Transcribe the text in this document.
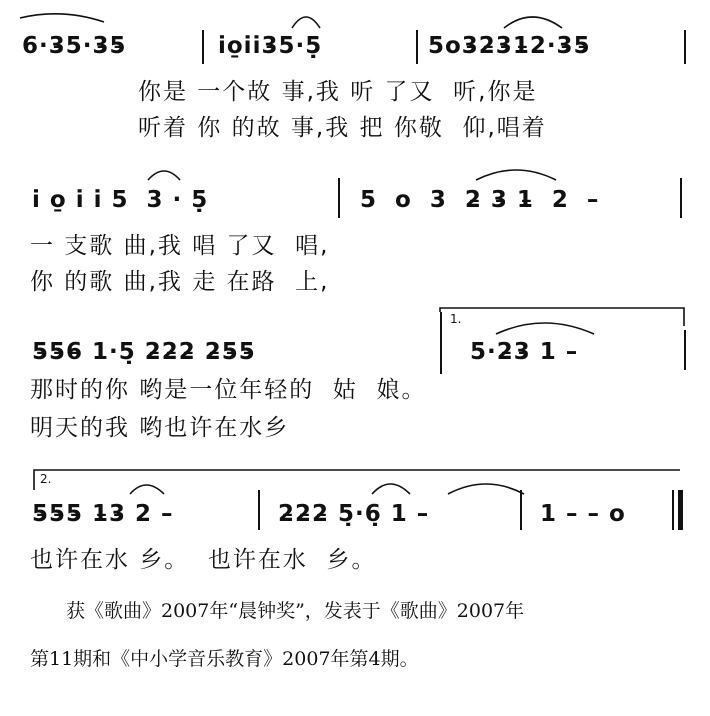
6·3̵5·3̵5̵	i̇o̱i̇i̇3̵5·5̣	5o3̵2̵3̵1̵2·3̵5̵
你是 一个故 事,我 听 了又  听,你是
听着 你 的故 事,我 把 你敬  仰,唱着
i̇ o̱ i̇ i̇ 5  3 · 5̣	5  o  3  2̵ 3̵ 1̵  2  –
一 支歌 曲,我 唱 了又  唱,
你 的歌 曲,我 走 在路  上,
5̵5̵6̵ 1·5̣ 2̵2̵2̵ 2̵5̵5̵
1.
5·2̵3̵ 1 –
那时的你 哟是一位年轻的  姑  娘。
明天的我 哟也许在水乡
2.
5̵5̵5̵ 1̵3̵ 2 –	2̵2̵2̵ 5̣·6̣ 1 –	1 – – o
也许在水 乡。  也许在水  乡。
获《歌曲》2007年“晨钟奖”，发表于《歌曲》2007年
第11期和《中小学音乐教育》2007年第4期。
